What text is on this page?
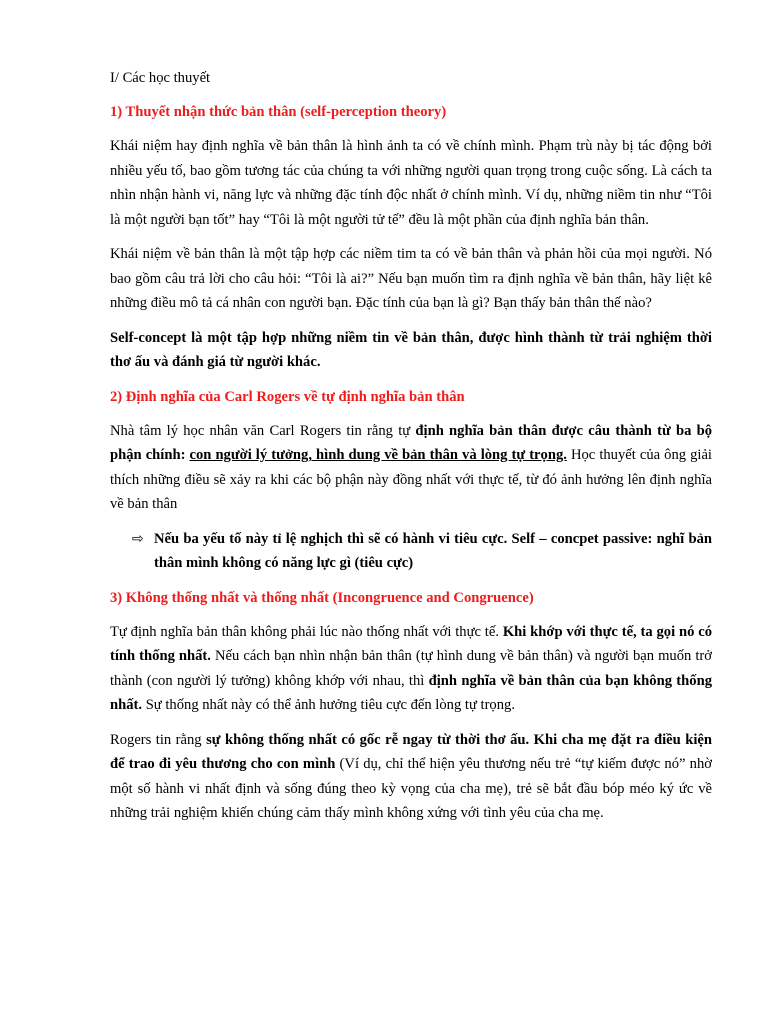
I/ Các học thuyết

1) Thuyết nhận thức bản thân (self-perception theory)

Khái niệm hay định nghĩa về bản thân là hình ảnh ta có về chính mình. Phạm trù này bị tác động bởi nhiều yếu tố, bao gồm tương tác của chúng ta với những người quan trọng trong cuộc sống. Là cách ta nhìn nhận hành vi, năng lực và những đặc tính độc nhất ở chính mình. Ví dụ, những niềm tin như “Tôi là một người bạn tốt” hay “Tôi là một người tử tế” đều là một phần của định nghĩa bản thân.

Khái niệm về bản thân là một tập hợp các niềm tim ta có về bản thân và phản hồi của mọi người. Nó bao gồm câu trả lời cho câu hỏi: “Tôi là ai?” Nếu bạn muốn tìm ra định nghĩa về bản thân, hãy liệt kê những điều mô tả cá nhân con người bạn. Đặc tính của bạn là gì? Bạn thấy bản thân thế nào?

Self-concept là một tập hợp những niềm tin về bản thân, được hình thành từ trải nghiệm thời thơ ấu và đánh giá từ người khác.

2) Định nghĩa của Carl Rogers về tự định nghĩa bản thân

Nhà tâm lý học nhân văn Carl Rogers tin rằng tự định nghĩa bản thân được câu thành từ ba bộ phận chính: con người lý tưởng, hình dung về bản thân và lòng tự trọng. Học thuyết của ông giải thích những điều sẽ xảy ra khi các bộ phận này đồng nhất với thực tế, từ đó ảnh hưởng lên định nghĩa về bản thân

⇨ Nếu ba yếu tố này tỉ lệ nghịch thì sẽ có hành vi tiêu cực. Self – concpet passive: nghĩ bản thân mình không có năng lực gì (tiêu cực)

3) Không thống nhất và thống nhất (Incongruence and Congruence)

Tự định nghĩa bản thân không phải lúc nào thống nhất với thực tế. Khi khớp với thực tế, ta gọi nó có tính thống nhất. Nếu cách bạn nhìn nhận bản thân (tự hình dung về bản thân) và người bạn muốn trở thành (con người lý tưởng) không khớp với nhau, thì định nghĩa về bản thân của bạn không thống nhất. Sự thống nhất này có thể ảnh hưởng tiêu cực đến lòng tự trọng.

Rogers tin rằng sự không thống nhất có gốc rễ ngay từ thời thơ ấu. Khi cha mẹ đặt ra điều kiện để trao đi yêu thương cho con mình (Ví dụ, chỉ thể hiện yêu thương nếu trẻ “tự kiếm được nó” nhờ một số hành vi nhất định và sống đúng theo kỳ vọng của cha mẹ), trẻ sẽ bắt đầu bóp méo ký ức về những trải nghiệm khiến chúng cảm thấy mình không xứng với tình yêu của cha mẹ.
